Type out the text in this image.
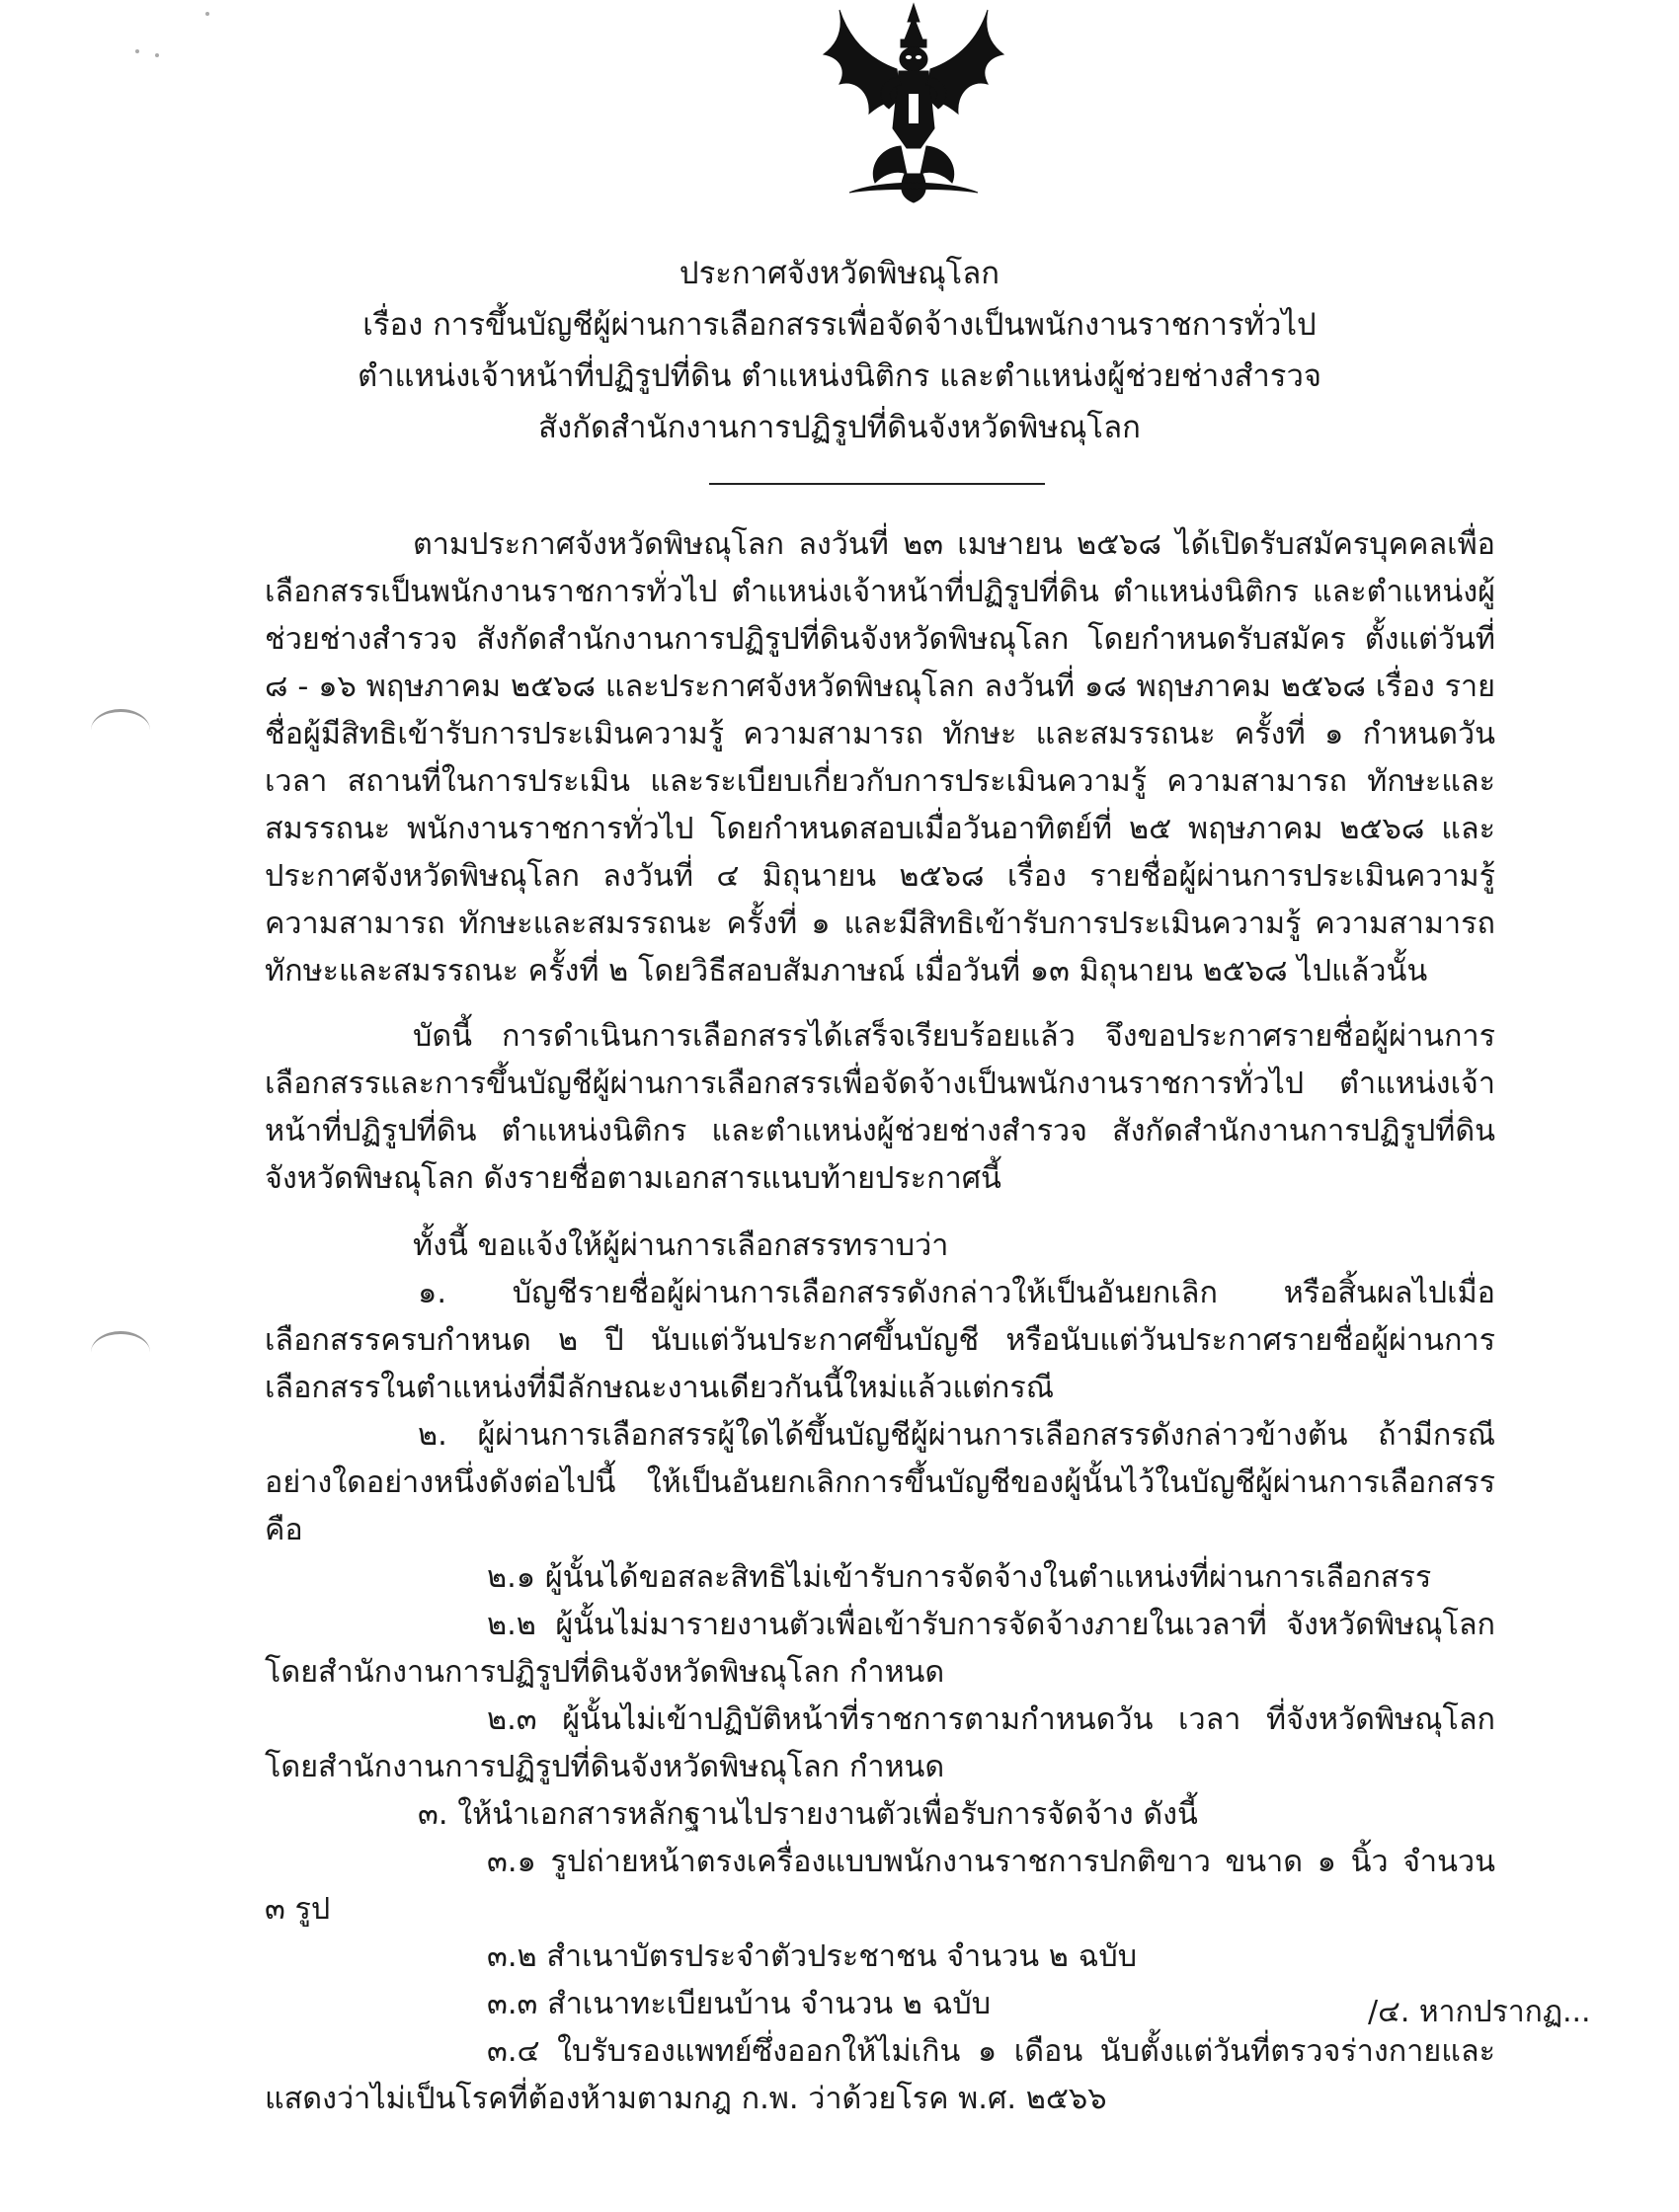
ประกาศจังหวัดพิษณุโลก
เรื่อง การขึ้นบัญชีผู้ผ่านการเลือกสรรเพื่อจัดจ้างเป็นพนักงานราชการทั่วไป
ตำแหน่งเจ้าหน้าที่ปฏิรูปที่ดิน ตำแหน่งนิติกร และตำแหน่งผู้ช่วยช่างสำรวจ
สังกัดสำนักงานการปฏิรูปที่ดินจังหวัดพิษณุโลก

ตามประกาศจังหวัดพิษณุโลก ลงวันที่ ๒๓ เมษายน ๒๕๖๘ ได้เปิดรับสมัครบุคคลเพื่อเลือกสรรเป็นพนักงานราชการทั่วไป ตำแหน่งเจ้าหน้าที่ปฏิรูปที่ดิน ตำแหน่งนิติกร และตำแหน่งผู้ช่วยช่างสำรวจ สังกัดสำนักงานการปฏิรูปที่ดินจังหวัดพิษณุโลก โดยกำหนดรับสมัคร ตั้งแต่วันที่ ๘ - ๑๖ พฤษภาคม ๒๕๖๘ และประกาศจังหวัดพิษณุโลก ลงวันที่ ๑๘ พฤษภาคม ๒๕๖๘ เรื่อง รายชื่อผู้มีสิทธิเข้ารับการประเมินความรู้ ความสามารถ ทักษะ และสมรรถนะ ครั้งที่ ๑ กำหนดวัน เวลา สถานที่ในการประเมิน และระเบียบเกี่ยวกับการประเมินความรู้ ความสามารถ ทักษะและสมรรถนะ พนักงานราชการทั่วไป โดยกำหนดสอบเมื่อวันอาทิตย์ที่ ๒๕ พฤษภาคม ๒๕๖๘ และประกาศจังหวัดพิษณุโลก ลงวันที่ ๔ มิถุนายน ๒๕๖๘ เรื่อง รายชื่อผู้ผ่านการประเมินความรู้ ความสามารถ ทักษะและสมรรถนะ ครั้งที่ ๑ และมีสิทธิเข้ารับการประเมินความรู้ ความสามารถ ทักษะและสมรรถนะ ครั้งที่ ๒ โดยวิธีสอบสัมภาษณ์ เมื่อวันที่ ๑๓ มิถุนายน ๒๕๖๘ ไปแล้วนั้น

บัดนี้ การดำเนินการเลือกสรรได้เสร็จเรียบร้อยแล้ว จึงขอประกาศรายชื่อผู้ผ่านการเลือกสรรและการขึ้นบัญชีผู้ผ่านการเลือกสรรเพื่อจัดจ้างเป็นพนักงานราชการทั่วไป ตำแหน่งเจ้าหน้าที่ปฏิรูปที่ดิน ตำแหน่งนิติกร และตำแหน่งผู้ช่วยช่างสำรวจ สังกัดสำนักงานการปฏิรูปที่ดินจังหวัดพิษณุโลก ดังรายชื่อตามเอกสารแนบท้ายประกาศนี้

ทั้งนี้ ขอแจ้งให้ผู้ผ่านการเลือกสรรทราบว่า

๑. บัญชีรายชื่อผู้ผ่านการเลือกสรรดังกล่าวให้เป็นอันยกเลิก หรือสิ้นผลไปเมื่อเลือกสรรครบกำหนด ๒ ปี นับแต่วันประกาศขึ้นบัญชี หรือนับแต่วันประกาศรายชื่อผู้ผ่านการเลือกสรรในตำแหน่งที่มีลักษณะงานเดียวกันนี้ใหม่แล้วแต่กรณี

๒. ผู้ผ่านการเลือกสรรผู้ใดได้ขึ้นบัญชีผู้ผ่านการเลือกสรรดังกล่าวข้างต้น ถ้ามีกรณีอย่างใดอย่างหนึ่งดังต่อไปนี้ ให้เป็นอันยกเลิกการขึ้นบัญชีของผู้นั้นไว้ในบัญชีผู้ผ่านการเลือกสรร คือ

๒.๑ ผู้นั้นได้ขอสละสิทธิไม่เข้ารับการจัดจ้างในตำแหน่งที่ผ่านการเลือกสรร

๒.๒ ผู้นั้นไม่มารายงานตัวเพื่อเข้ารับการจัดจ้างภายในเวลาที่ จังหวัดพิษณุโลก โดยสำนักงานการปฏิรูปที่ดินจังหวัดพิษณุโลก กำหนด

๒.๓ ผู้นั้นไม่เข้าปฏิบัติหน้าที่ราชการตามกำหนดวัน เวลา ที่จังหวัดพิษณุโลก โดยสำนักงานการปฏิรูปที่ดินจังหวัดพิษณุโลก กำหนด

๓. ให้นำเอกสารหลักฐานไปรายงานตัวเพื่อรับการจัดจ้าง ดังนี้

๓.๑ รูปถ่ายหน้าตรงเครื่องแบบพนักงานราชการปกติขาว ขนาด ๑ นิ้ว จำนวน ๓ รูป

๓.๒ สำเนาบัตรประจำตัวประชาชน จำนวน ๒ ฉบับ

๓.๓ สำเนาทะเบียนบ้าน จำนวน ๒ ฉบับ

๓.๔ ใบรับรองแพทย์ซึ่งออกให้ไม่เกิน ๑ เดือน นับตั้งแต่วันที่ตรวจร่างกายและแสดงว่าไม่เป็นโรคที่ต้องห้ามตามกฎ ก.พ. ว่าด้วยโรค พ.ศ. ๒๕๖๖

/๔. หากปรากฏ...
